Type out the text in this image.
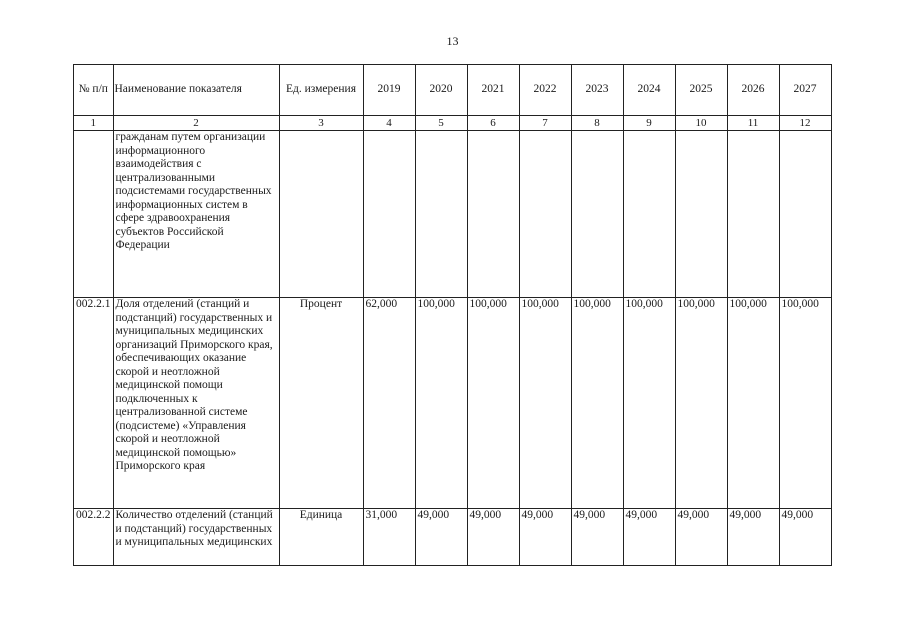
13
№ п/п	Наименование показателя	Ед. измерения	2019	2020	2021	2022	2023	2024	2025	2026	2027
1	2	3	4	5	6	7	8	9	10	11	12
	гражданам путем организации информационного взаимодействия с централизованными подсистемами государственных информационных систем в сфере здравоохранения субъектов Российской Федерации										
002.2.1	Доля отделений (станций и подстанций) государственных и муниципальных медицинских организаций Приморского края, обеспечивающих оказание скорой и неотложной медицинской помощи подключенных к централизованной системе (подсистеме) «Управления скорой и неотложной медицинской помощью» Приморского края	Процент	62,000	100,000	100,000	100,000	100,000	100,000	100,000	100,000	100,000
002.2.2	Количество отделений (станций и подстанций) государственных и муниципальных медицинских	Единица	31,000	49,000	49,000	49,000	49,000	49,000	49,000	49,000	49,000
